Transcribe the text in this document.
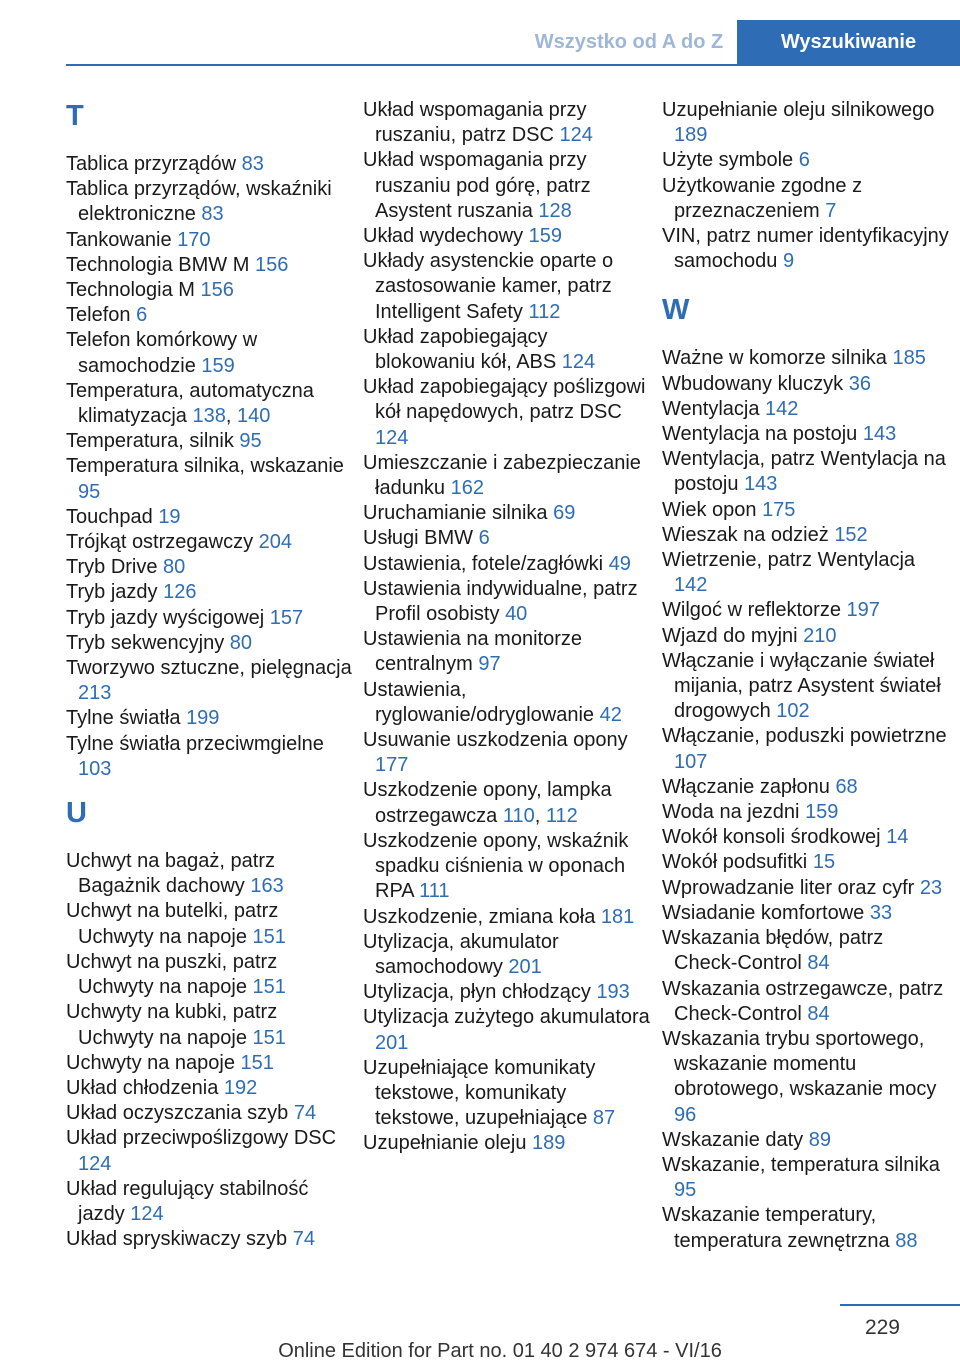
Wszystko od A do Z	Wyszukiwanie
T
Tablica przyrządów 83
Tablica przyrządów, wskaźniki elektroniczne 83
Tankowanie 170
Technologia BMW M 156
Technologia M 156
Telefon 6
Telefon komórkowy w samochodzie 159
Temperatura, automatyczna klimatyzacja 138, 140
Temperatura, silnik 95
Temperatura silnika, wskazanie 95
Touchpad 19
Trójkąt ostrzegawczy 204
Tryb Drive 80
Tryb jazdy 126
Tryb jazdy wyścigowej 157
Tryb sekwencyjny 80
Tworzywo sztuczne, pielęgnacja 213
Tylne światła 199
Tylne światła przeciwmgielne 103
U
Uchwyt na bagaż, patrz Bagażnik dachowy 163
Uchwyt na butelki, patrz Uchwyty na napoje 151
Uchwyt na puszki, patrz Uchwyty na napoje 151
Uchwyty na kubki, patrz Uchwyty na napoje 151
Uchwyty na napoje 151
Układ chłodzenia 192
Układ oczyszczania szyb 74
Układ przeciwpoślizgowy DSC 124
Układ regulujący stabilność jazdy 124
Układ spryskiwaczy szyb 74
Układ wspomagania przy ruszaniu, patrz DSC 124
Układ wspomagania przy ruszaniu pod górę, patrz Asystent ruszania 128
Układ wydechowy 159
Układy asystenckie oparte o zastosowanie kamer, patrz Intelligent Safety 112
Układ zapobiegający blokowaniu kół, ABS 124
Układ zapobiegający poślizgowi kół napędowych, patrz DSC 124
Umieszczanie i zabezpieczanie ładunku 162
Uruchamianie silnika 69
Usługi BMW 6
Ustawienia, fotele/zagłówki 49
Ustawienia indywidualne, patrz Profil osobisty 40
Ustawienia na monitorze centralnym 97
Ustawienia, ryglowanie/odryglowanie 42
Usuwanie uszkodzenia opony 177
Uszkodzenie opony, lampka ostrzegawcza 110, 112
Uszkodzenie opony, wskaźnik spadku ciśnienia w oponach RPA 111
Uszkodzenie, zmiana koła 181
Utylizacja, akumulator samochodowy 201
Utylizacja, płyn chłodzący 193
Utylizacja zużytego akumulatora 201
Uzupełniające komunikaty tekstowe, komunikaty tekstowe, uzupełniające 87
Uzupełnianie oleju 189
Uzupełnianie oleju silnikowego 189
Użyte symbole 6
Użytkowanie zgodne z przeznaczeniem 7
VIN, patrz numer identyfikacyjny samochodu 9
W
Ważne w komorze silnika 185
Wbudowany kluczyk 36
Wentylacja 142
Wentylacja na postoju 143
Wentylacja, patrz Wentylacja na postoju 143
Wiek opon 175
Wieszak na odzież 152
Wietrzenie, patrz Wentylacja 142
Wilgoć w reflektorze 197
Wjazd do myjni 210
Włączanie i wyłączanie świateł mijania, patrz Asystent świateł drogowych 102
Włączanie, poduszki powietrzne 107
Włączanie zapłonu 68
Woda na jezdni 159
Wokół konsoli środkowej 14
Wokół podsufitki 15
Wprowadzanie liter oraz cyfr 23
Wsiadanie komfortowe 33
Wskazania błędów, patrz Check-Control 84
Wskazania ostrzegawcze, patrz Check-Control 84
Wskazania trybu sportowego, wskazanie momentu obrotowego, wskazanie mocy 96
Wskazanie daty 89
Wskazanie, temperatura silnika 95
Wskazanie temperatury, temperatura zewnętrzna 88
229
Online Edition for Part no. 01 40 2 974 674 - VI/16
